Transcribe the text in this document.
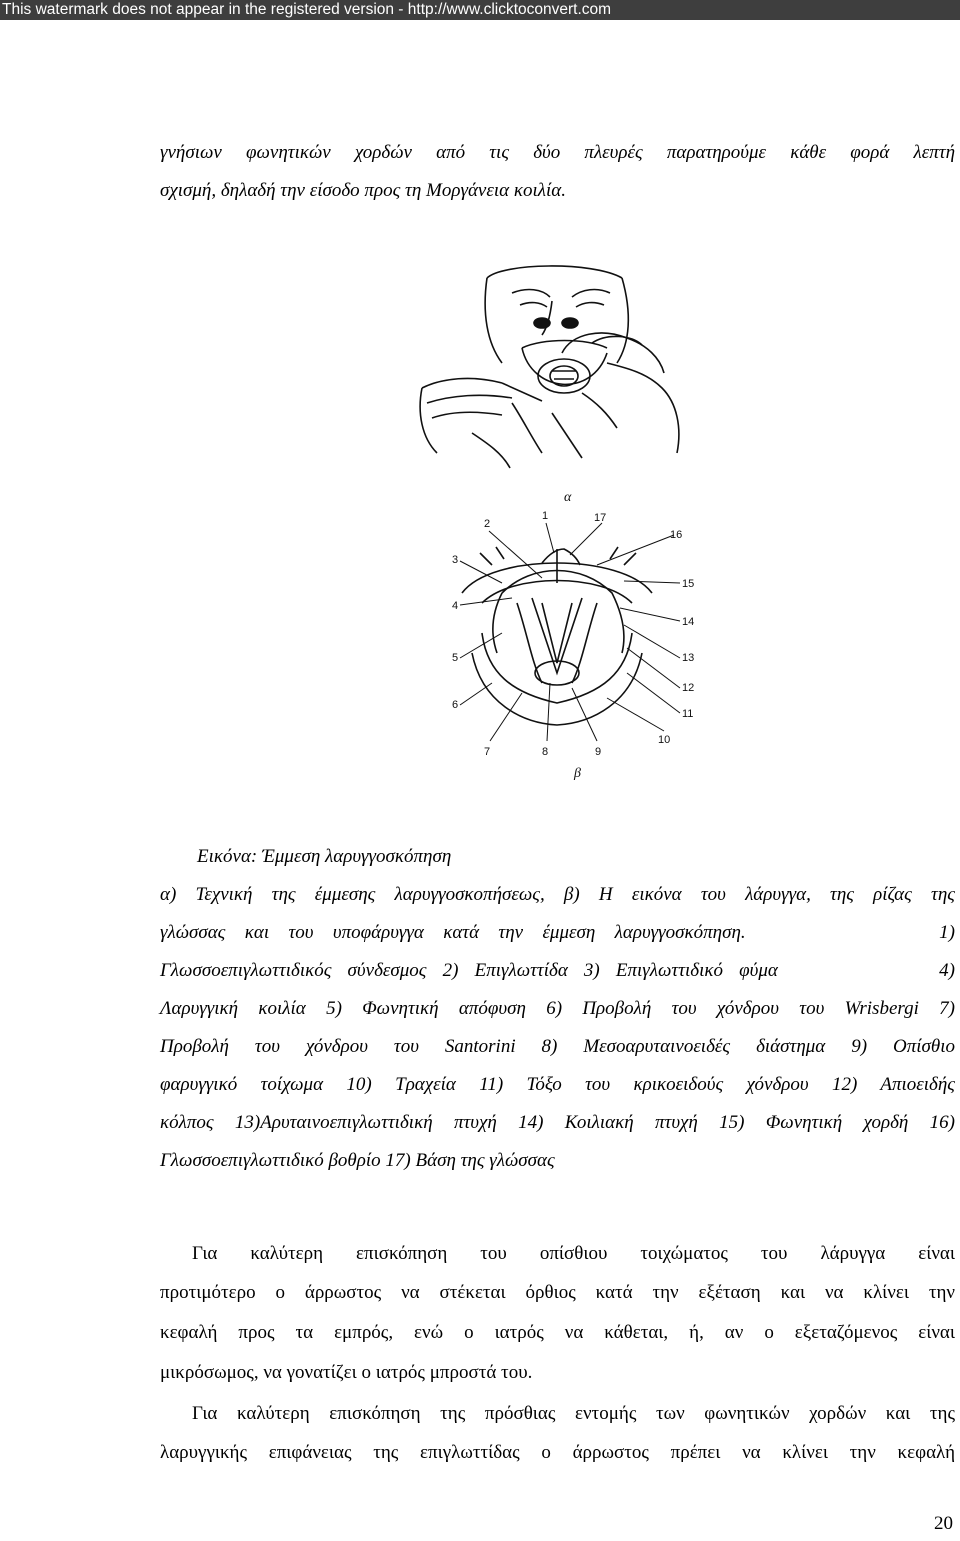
This watermark does not appear in the registered version - http://www.clicktoconvert.com
γνήσιων φωνητικών χορδών από τις δύο πλευρές παρατηρούμε κάθε φορά λεπτή
σχισμή, δηλαδή την είσοδο προς τη Μοργάνεια κοιλία.
α
β
1
2
3
4
5
6
7	8	9
10
11
12
13
14
15
16
17
Εικόνα: Έμμεση λαρυγγοσκόπηση
α) Τεχνική της έμμεσης λαρυγγοσκοπήσεως, β) Η εικόνα του λάρυγγα, της ρίζας της
γλώσσας και του υποφάρυγγα κατά την έμμεση λαρυγγοσκόπηση.          1)
Γλωσσοεπιγλωττιδικός σύνδεσμος 2) Επιγλωττίδα 3) Επιγλωττιδικό φύμα          4)
Λαρυγγική κοιλία 5) Φωνητική απόφυση 6) Προβολή του χόνδρου του Wrisbergi 7)
Προβολή του χόνδρου του Santorini 8) Μεσοαρυταινοειδές διάστημα 9) Οπίσθιο
φαρυγγικό τοίχωμα 10) Τραχεία 11) Τόξο του κρικοειδούς χόνδρου 12) Απιοειδής
κόλπος 13)Αρυταινοεπιγλωττιδική πτυχή 14) Κοιλιακή πτυχή 15) Φωνητική χορδή 16)
Γλωσσοεπιγλωττιδικό βοθρίο 17) Βάση της γλώσσας
Για καλύτερη επισκόπηση του οπίσθιου τοιχώματος του λάρυγγα είναι
προτιμότερο ο άρρωστος να στέκεται όρθιος κατά την εξέταση και να κλίνει την
κεφαλή προς τα εμπρός, ενώ ο ιατρός να κάθεται, ή, αν ο εξεταζόμενος είναι
μικρόσωμος, να γονατίζει ο ιατρός μπροστά του.
Για καλύτερη επισκόπηση της πρόσθιας εντομής των φωνητικών χορδών και της
λαρυγγικής επιφάνειας της επιγλωττίδας ο άρρωστος πρέπει να κλίνει την κεφαλή
20
